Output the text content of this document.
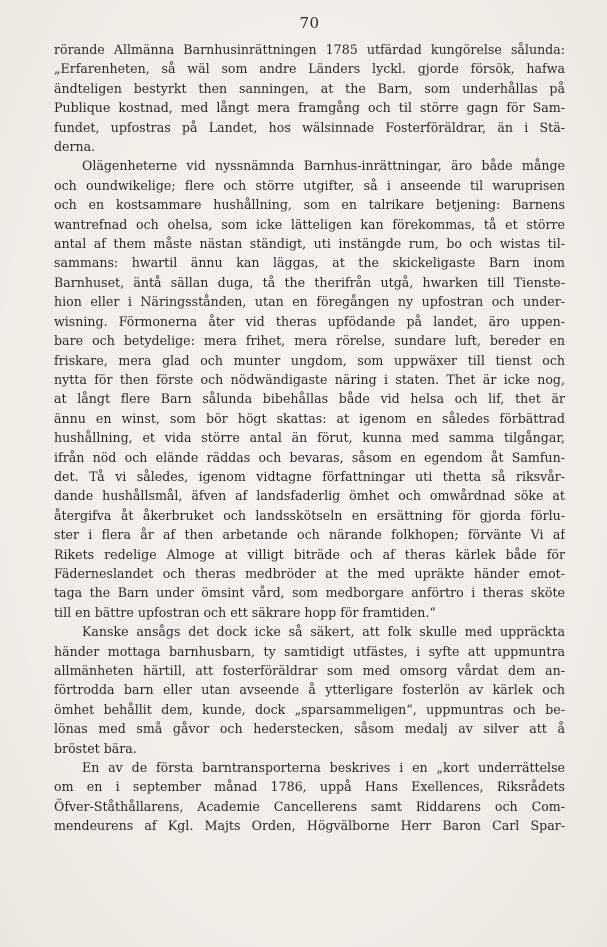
70
rörande Allmänna Barnhusinrättningen 1785 utfärdad kungörelse sålunda:
„Erfarenheten, så wäl som andre Länders lyckl. gjorde försök, hafwa
ändteligen bestyrkt then sanningen, at the Barn, som underhållas på
Publique kostnad, med långt mera framgång och til större gagn för Sam-
fundet, upfostras på Landet, hos wälsinnade Fosterföräldrar, än i Stä-
derna.
Olägenheterne vid nyssnämnda Barnhus-inrättningar, äro både månge
och oundwikelige; flere och större utgifter, så i anseende til waruprisen
och en kostsammare hushållning, som en talrikare betjening: Barnens
wantrefnad och ohelsa, som icke lätteligen kan förekommas, tå et större
antal af them måste nästan ständigt, uti instängde rum, bo och wistas til-
sammans: hwartil ännu kan läggas, at the skickeligaste Barn inom
Barnhuset, äntå sällan duga, tå the therifrån utgå, hwarken till Tienste-
hion eller i Näringsstånden, utan en föregången ny upfostran och under-
wisning. Förmonerna åter vid theras upfödande på landet, äro uppen-
bare och betydelige: mera frihet, mera rörelse, sundare luft, bereder en
friskare, mera glad och munter ungdom, som uppwäxer till tienst och
nytta för then förste och nödwändigaste näring i staten. Thet är icke nog,
at långt flere Barn sålunda bibehållas både vid helsa och lif, thet är
ännu en winst, som bör högt skattas: at igenom en således förbättrad
hushållning, et vida större antal än förut, kunna med samma tilgångar,
ifrån nöd och elände räddas och bevaras, såsom en egendom åt Samfun-
det. Tå vi således, igenom vidtagne författningar uti thetta så riksvår-
dande hushållsmål, äfven af landsfaderlig ömhet och omwårdnad söke at
återgifva åt åkerbruket och landsskötseln en ersättning för gjorda förlu-
ster i flera år af then arbetande och närande folkhopen; förvänte Vi af
Rikets redelige Almoge at villigt biträde och af theras kärlek både för
Fäderneslandet och theras medbröder at the med upräkte händer emot-
taga the Barn under ömsint vård, som medborgare anförtro i theras sköte
till en bättre upfostran och ett säkrare hopp för framtiden.“
Kanske ansågs det dock icke så säkert, att folk skulle med uppräckta
händer mottaga barnhusbarn, ty samtidigt utfästes, i syfte att uppmuntra
allmänheten härtill, att fosterföräldrar som med omsorg vårdat dem an-
förtrodda barn eller utan avseende å ytterligare fosterlön av kärlek och
ömhet behållit dem, kunde, dock „sparsammeligen“, uppmuntras och be-
lönas med små gåvor och hederstecken, såsom medalj av silver att å
bröstet bära.
En av de första barntransporterna beskrives i en „kort underrättelse
om en i september månad 1786, uppå Hans Exellences, Riksrådets
Öfver-Ståthållarens, Academie Cancellerens samt Riddarens och Com-
mendeurens af Kgl. Majts Orden, Högvälborne Herr Baron Carl Spar-
